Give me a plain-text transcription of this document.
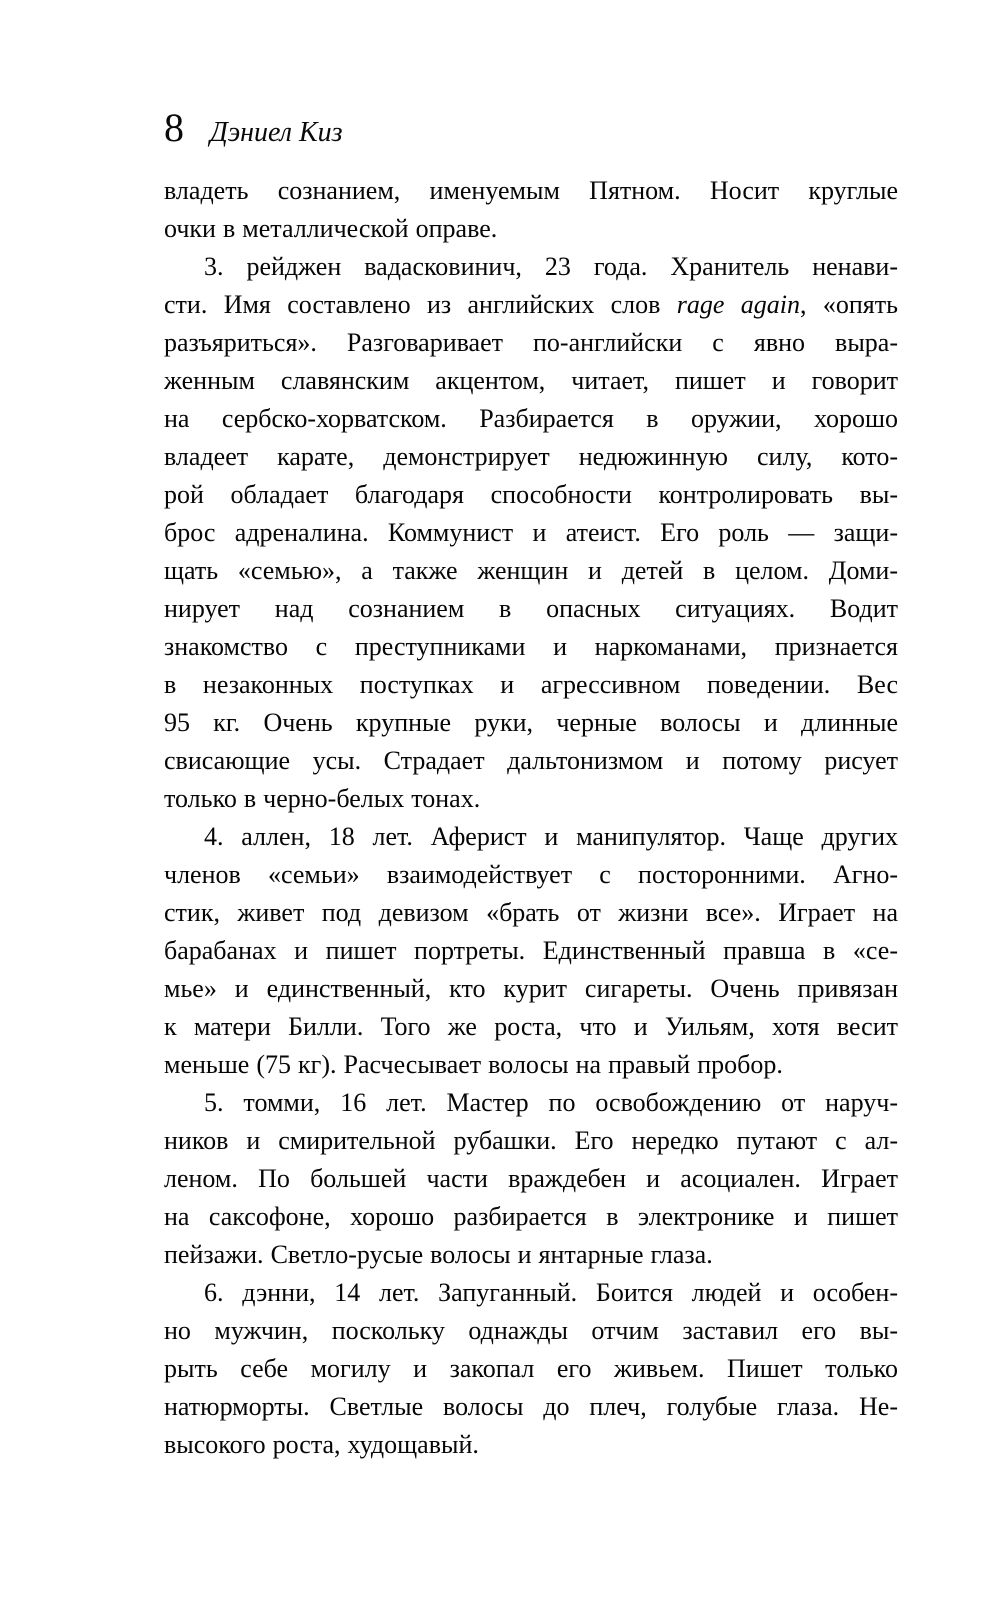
8 Дэниел Киз
владеть сознанием, именуемым Пятном. Носит круглые
очки в металлической оправе.
3. рейджен вадасковинич, 23 года. Хранитель ненави-
сти. Имя составлено из английских слов rage again, «опять
разъяриться». Разговаривает по-английски с явно выра-
женным славянским акцентом, читает, пишет и говорит
на сербско-хорватском. Разбирается в оружии, хорошо
владеет карате, демонстрирует недюжинную силу, кото-
рой обладает благодаря способности контролировать вы-
брос адреналина. Коммунист и атеист. Его роль — защи-
щать «семью», а также женщин и детей в целом. Доми-
нирует над сознанием в опасных ситуациях. Водит
знакомство с преступниками и наркоманами, признается
в незаконных поступках и агрессивном поведении. Вес
95 кг. Очень крупные руки, черные волосы и длинные
свисающие усы. Страдает дальтонизмом и потому рисует
только в черно-белых тонах.
4. аллен, 18 лет. Аферист и манипулятор. Чаще других
членов «семьи» взаимодействует с посторонними. Агно-
стик, живет под девизом «брать от жизни все». Играет на
барабанах и пишет портреты. Единственный правша в «се-
мье» и единственный, кто курит сигареты. Очень привязан
к матери Билли. Того же роста, что и Уильям, хотя весит
меньше (75 кг). Расчесывает волосы на правый пробор.
5. томми, 16 лет. Мастер по освобождению от наруч-
ников и смирительной рубашки. Его нередко путают с ал-
леном. По большей части враждебен и асоциален. Играет
на саксофоне, хорошо разбирается в электронике и пишет
пейзажи. Светло-русые волосы и янтарные глаза.
6. дэнни, 14 лет. Запуганный. Боится людей и особен-
но мужчин, поскольку однажды отчим заставил его вы-
рыть себе могилу и закопал его живьем. Пишет только
натюрморты. Светлые волосы до плеч, голубые глаза. Не-
высокого роста, худощавый.
